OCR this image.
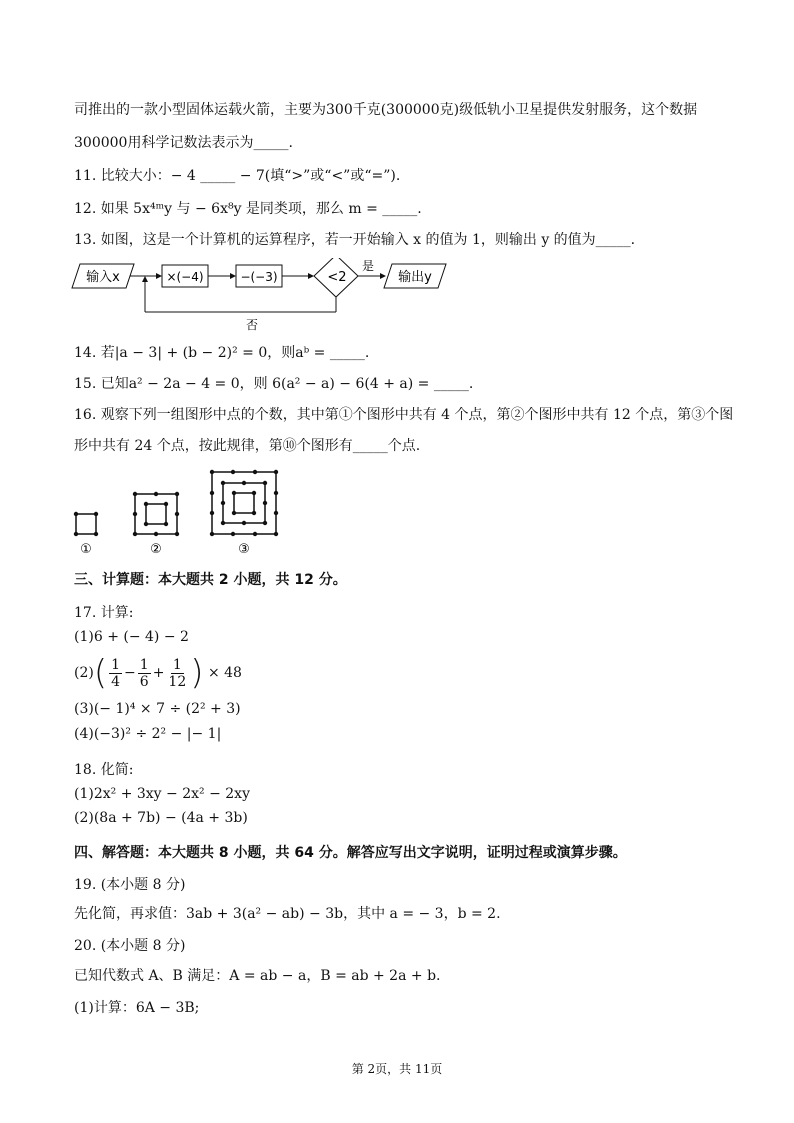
司推出的一款小型固体运载火箭，主要为300千克(300000克)级低轨小卫星提供发射服务，这个数据
300000用科学记数法表示为_____.
11. 比较大小：− 4 _____ − 7(填“>”或“<”或“=”).
12. 如果 5x⁴ᵐy 与 − 6x⁸y 是同类项，那么 m = _____.
13. 如图，这是一个计算机的运算程序，若一开始输入 x 的值为 1，则输出 y 的值为_____.
输入x	×(−4)	−(−3)	<2
是
输出y
否
14. 若|a − 3| + (b − 2)² = 0，则aᵇ = _____.
15. 已知a² − 2a − 4 = 0，则 6(a² − a) − 6(4 + a) = _____.
16. 观察下列一组图形中点的个数，其中第①个图形中共有 4 个点，第②个图形中共有 12 个点，第③个图
形中共有 24 个点，按此规律，第⑩个图形有_____个点.
①	②	③
三、计算题：本大题共 2 小题，共 12 分。
17. 计算:
(1)6 + (− 4) − 2
$(2)( \frac{1}{4} - \frac{1}{6} + \frac{1}{12}$ ) × 48
(3)(− 1)⁴ × 7 ÷ (2² + 3)
(4)(−3)² ÷ 2² − |− 1|
18. 化简:
(1)2x² + 3xy − 2x² − 2xy
(2)(8a + 7b) − (4a + 3b)
四、解答题：本大题共 8 小题，共 64 分。解答应写出文字说明，证明过程或演算步骤。
19. (本小题 8 分)
先化简，再求值：3ab + 3(a² − ab) − 3b，其中 a = − 3，b = 2.
20. (本小题 8 分)
已知代数式 A、B 满足：A = ab − a，B = ab + 2a + b.
(1)计算：6A − 3B;
第 2页，共 11页
